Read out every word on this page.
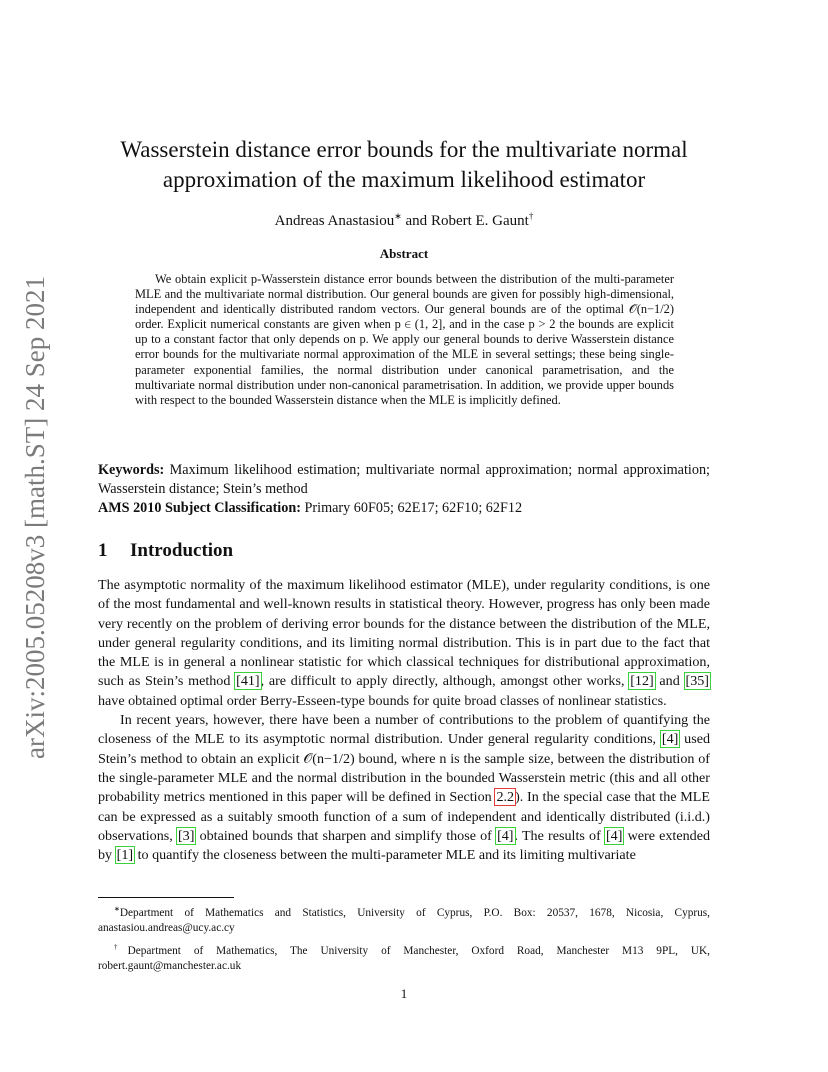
arXiv:2005.05208v3 [math.ST] 24 Sep 2021
Wasserstein distance error bounds for the multivariate normal
approximation of the maximum likelihood estimator
Andreas Anastasiou∗ and Robert E. Gaunt†
Abstract
We obtain explicit p-Wasserstein distance error bounds between the distribution of the multi-parameter MLE and the multivariate normal distribution. Our general bounds are given for possibly high-dimensional, independent and identically distributed random vectors. Our general bounds are of the optimal 𝒪(n−1/2) order. Explicit numerical constants are given when p ∈ (1, 2], and in the case p > 2 the bounds are explicit up to a constant factor that only depends on p. We apply our general bounds to derive Wasserstein distance error bounds for the multivariate normal approximation of the MLE in several settings; these being single-parameter exponential families, the normal distribution under canonical parametrisation, and the multivariate normal distribution under non-canonical parametrisation. In addition, we provide upper bounds with respect to the bounded Wasserstein distance when the MLE is implicitly defined.
Keywords: Maximum likelihood estimation; multivariate normal approximation; normal approximation; Wasserstein distance; Stein’s method
AMS 2010 Subject Classification: Primary 60F05; 62E17; 62F10; 62F12
1 Introduction

The asymptotic normality of the maximum likelihood estimator (MLE), under regularity conditions, is one of the most fundamental and well-known results in statistical theory. However, progress has only been made very recently on the problem of deriving error bounds for the distance between the distribution of the MLE, under general regularity conditions, and its limiting normal distribution. This is in part due to the fact that the MLE is in general a nonlinear statistic for which classical techniques for distributional approximation, such as Stein’s method [41], are difficult to apply directly, although, amongst other works, [12] and [35] have obtained optimal order Berry-Esseen-type bounds for quite broad classes of nonlinear statistics.

In recent years, however, there have been a number of contributions to the problem of quantifying the closeness of the MLE to its asymptotic normal distribution. Under general regularity conditions, [4] used Stein’s method to obtain an explicit 𝒪(n−1/2) bound, where n is the sample size, between the distribution of the single-parameter MLE and the normal distribution in the bounded Wasserstein metric (this and all other probability metrics mentioned in this paper will be defined in Section 2.2). In the special case that the MLE can be expressed as a suitably smooth function of a sum of independent and identically distributed (i.i.d.) observations, [3] obtained bounds that sharpen and simplify those of [4]. The results of [4] were extended by [1] to quantify the closeness between the multi-parameter MLE and its limiting multivariate

∗Department of Mathematics and Statistics, University of Cyprus, P.O. Box: 20537, 1678, Nicosia, Cyprus, anastasiou.andreas@ucy.ac.cy

†Department of Mathematics, The University of Manchester, Oxford Road, Manchester M13 9PL, UK, robert.gaunt@manchester.ac.uk

1
